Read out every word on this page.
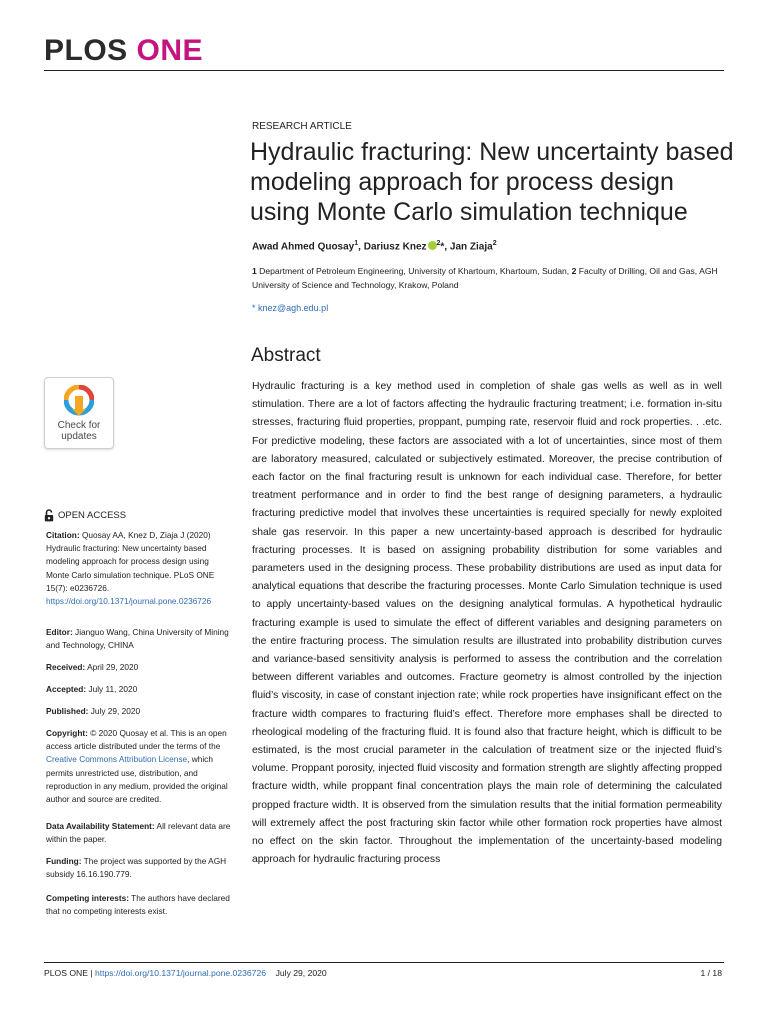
PLOS ONE
RESEARCH ARTICLE
Hydraulic fracturing: New uncertainty based modeling approach for process design using Monte Carlo simulation technique
Awad Ahmed Quosay$^1$, Dariusz Knez $^2$*, Jan Ziaja$^2$
1 Department of Petroleum Engineering, University of Khartoum, Khartoum, Sudan, 2 Faculty of Drilling, Oil and Gas, AGH University of Science and Technology, Krakow, Poland
* knez@agh.edu.pl
Abstract
Hydraulic fracturing is a key method used in completion of shale gas wells as well as in well stimulation. There are a lot of factors affecting the hydraulic fracturing treatment; i.e. formation in-situ stresses, fracturing fluid properties, proppant, pumping rate, reservoir fluid and rock properties. . .etc. For predictive modeling, these factors are associated with a lot of uncertainties, since most of them are laboratory measured, calculated or subjectively estimated. Moreover, the precise contribution of each factor on the final fracturing result is unknown for each individual case. Therefore, for better treatment performance and in order to find the best range of designing parameters, a hydraulic fracturing predictive model that involves these uncertainties is required specially for newly exploited shale gas reservoir. In this paper a new uncertainty-based approach is described for hydraulic fracturing processes. It is based on assigning probability distribution for some variables and parameters used in the designing process. These probability distributions are used as input data for analytical equations that describe the fracturing processes. Monte Carlo Simulation technique is used to apply uncertainty-based values on the designing analytical formulas. A hypothetical hydraulic fracturing example is used to simulate the effect of different variables and designing parameters on the entire fracturing process. The simulation results are illustrated into probability distribution curves and variance-based sensitivity analysis is performed to assess the contribution and the correlation between different variables and outcomes. Fracture geometry is almost controlled by the injection fluid’s viscosity, in case of constant injection rate; while rock properties have insignificant effect on the fracture width compares to fracturing fluid’s effect. Therefore more emphases shall be directed to rheological modeling of the fracturing fluid. It is found also that fracture height, which is difficult to be estimated, is the most crucial parameter in the calculation of treatment size or the injected fluid’s volume. Proppant porosity, injected fluid viscosity and formation strength are slightly affecting propped fracture width, while proppant final concentration plays the main role of determining the calculated propped fracture width. It is observed from the simulation results that the initial formation permeability will extremely affect the post fracturing skin factor while other formation rock properties have almost no effect on the skin factor. Throughout the implementation of the uncertainty-based modeling approach for hydraulic fracturing process
Check for
updates
OPEN ACCESS
Citation: Quosay AA, Knez D, Ziaja J (2020) Hydraulic fracturing: New uncertainty based modeling approach for process design using Monte Carlo simulation technique. PLoS ONE 15(7): e0236726. https://doi.org/10.1371/journal.pone.0236726
Editor: Jianguo Wang, China University of Mining and Technology, CHINA
Received: April 29, 2020
Accepted: July 11, 2020
Published: July 29, 2020
Copyright: © 2020 Quosay et al. This is an open access article distributed under the terms of the Creative Commons Attribution License, which permits unrestricted use, distribution, and reproduction in any medium, provided the original author and source are credited.
Data Availability Statement: All relevant data are within the paper.
Funding: The project was supported by the AGH subsidy 16.16.190.779.
Competing interests: The authors have declared that no competing interests exist.
PLOS ONE | https://doi.org/10.1371/journal.pone.0236726 July 29, 2020	1 / 18
